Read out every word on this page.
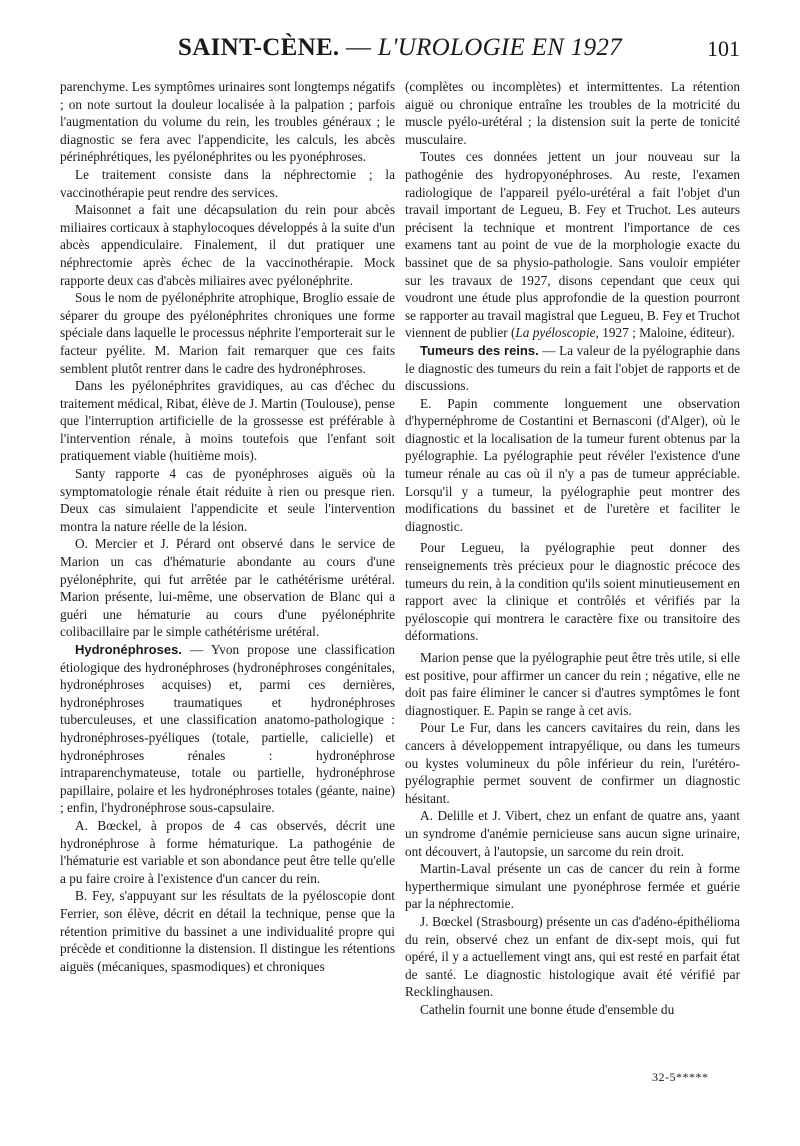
SAINT-CÈNE. — L'UROLOGIE EN 1927	101

parenchyme. Les symptômes urinaires sont longtemps négatifs ; on note surtout la douleur localisée à la palpation ; parfois l'augmentation du volume du rein, les troubles généraux ; le diagnostic se fera avec l'appendicite, les calculs, les abcès périnéphrétiques, les pyélonéphrites ou les pyonéphroses.

Le traitement consiste dans la néphrectomie ; la vaccinothérapie peut rendre des services.

Maisonnet a fait une décapsulation du rein pour abcès miliaires corticaux à staphylocoques développés à la suite d'un abcès appendiculaire. Finalement, il dut pratiquer une néphrectomie après échec de la vaccinothérapie. Mock rapporte deux cas d'abcès miliaires avec pyélonéphrite.

Sous le nom de pyélonéphrite atrophique, Broglio essaie de séparer du groupe des pyélonéphrites chroniques une forme spéciale dans laquelle le processus néphrite l'emporterait sur le facteur pyélite. M. Marion fait remarquer que ces faits semblent plutôt rentrer dans le cadre des hydronéphroses.

Dans les pyélonéphrites gravidiques, au cas d'échec du traitement médical, Ribat, élève de J. Martin (Toulouse), pense que l'interruption artificielle de la grossesse est préférable à l'intervention rénale, à moins toutefois que l'enfant soit pratiquement viable (huitième mois).

Santy rapporte 4 cas de pyonéphroses aiguës où la symptomatologie rénale était réduite à rien ou presque rien. Deux cas simulaient l'appendicite et seule l'intervention montra la nature réelle de la lésion.

O. Mercier et J. Pérard ont observé dans le service de Marion un cas d'hématurie abondante au cours d'une pyélonéphrite, qui fut arrêtée par le cathétérisme urétéral. Marion présente, lui-même, une observation de Blanc qui a guéri une hématurie au cours d'une pyélonéphrite colibacillaire par le simple cathétérisme urétéral.

Hydronéphroses. — Yvon propose une classification étiologique des hydronéphroses (hydronéphroses congénitales, hydronéphroses acquises) et, parmi ces dernières, hydronéphroses traumatiques et hydronéphroses tuberculeuses, et une classification anatomo-pathologique : hydronéphroses-pyéliques (totale, partielle, calicielle) et hydronéphroses rénales : hydronéphrose intraparenchymateuse, totale ou partielle, hydronéphrose papillaire, polaire et les hydronéphroses totales (géante, naine) ; enfin, l'hydronéphrose sous-capsulaire.

A. Bœckel, à propos de 4 cas observés, décrit une hydronéphrose à forme hématurique. La pathogénie de l'hématurie est variable et son abondance peut être telle qu'elle a pu faire croire à l'existence d'un cancer du rein.

B. Fey, s'appuyant sur les résultats de la pyéloscopie dont Ferrier, son élève, décrit en détail la technique, pense que la rétention primitive du bassinet a une individualité propre qui précède et conditionne la distension. Il distingue les rétentions aiguës (mécaniques, spasmodiques) et chroniques

(complètes ou incomplètes) et intermittentes. La rétention aiguë ou chronique entraîne les troubles de la motricité du muscle pyélo-urétéral ; la distension suit la perte de tonicité musculaire.

Toutes ces données jettent un jour nouveau sur la pathogénie des hydropyonéphroses. Au reste, l'examen radiologique de l'appareil pyélo-urétéral a fait l'objet d'un travail important de Legueu, B. Fey et Truchot. Les auteurs précisent la technique et montrent l'importance de ces examens tant au point de vue de la morphologie exacte du bassinet que de sa physio-pathologie. Sans vouloir empiéter sur les travaux de 1927, disons cependant que ceux qui voudront une étude plus approfondie de la question pourront se rapporter au travail magistral que Legueu, B. Fey et Truchot viennent de publier (La pyéloscopie, 1927 ; Maloine, éditeur).

Tumeurs des reins. — La valeur de la pyélographie dans le diagnostic des tumeurs du rein a fait l'objet de rapports et de discussions.

E. Papin commente longuement une observation d'hypernéphrome de Costantini et Bernasconi (d'Alger), où le diagnostic et la localisation de la tumeur furent obtenus par la pyélographie. La pyélographie peut révéler l'existence d'une tumeur rénale au cas où il n'y a pas de tumeur appréciable. Lorsqu'il y a tumeur, la pyélographie peut montrer des modifications du bassinet et de l'uretère et faciliter le diagnostic.

Pour Legueu, la pyélographie peut donner des renseignements très précieux pour le diagnostic précoce des tumeurs du rein, à la condition qu'ils soient minutieusement en rapport avec la clinique et contrôlés et vérifiés par la pyéloscopie qui montrera le caractère fixe ou transitoire des déformations.

Marion pense que la pyélographie peut être très utile, si elle est positive, pour affirmer un cancer du rein ; négative, elle ne doit pas faire éliminer le cancer si d'autres symptômes le font diagnostiquer. E. Papin se range à cet avis.

Pour Le Fur, dans les cancers cavitaires du rein, dans les cancers à développement intrapyélique, ou dans les tumeurs ou kystes volumineux du pôle inférieur du rein, l'urétéro-pyélographie permet souvent de confirmer un diagnostic hésitant.

A. Delille et J. Vibert, chez un enfant de quatre ans, yaant un syndrome d'anémie pernicieuse sans aucun signe urinaire, ont découvert, à l'autopsie, un sarcome du rein droit.

Martin-Laval présente un cas de cancer du rein à forme hyperthermique simulant une pyonéphrose fermée et guérie par la néphrectomie.

J. Bœckel (Strasbourg) présente un cas d'adéno-épithélioma du rein, observé chez un enfant de dix-sept mois, qui fut opéré, il y a actuellement vingt ans, qui est resté en parfait état de santé. Le diagnostic histologique avait été vérifié par Recklinghausen.

Cathelin fournit une bonne étude d'ensemble du

32-5*****
